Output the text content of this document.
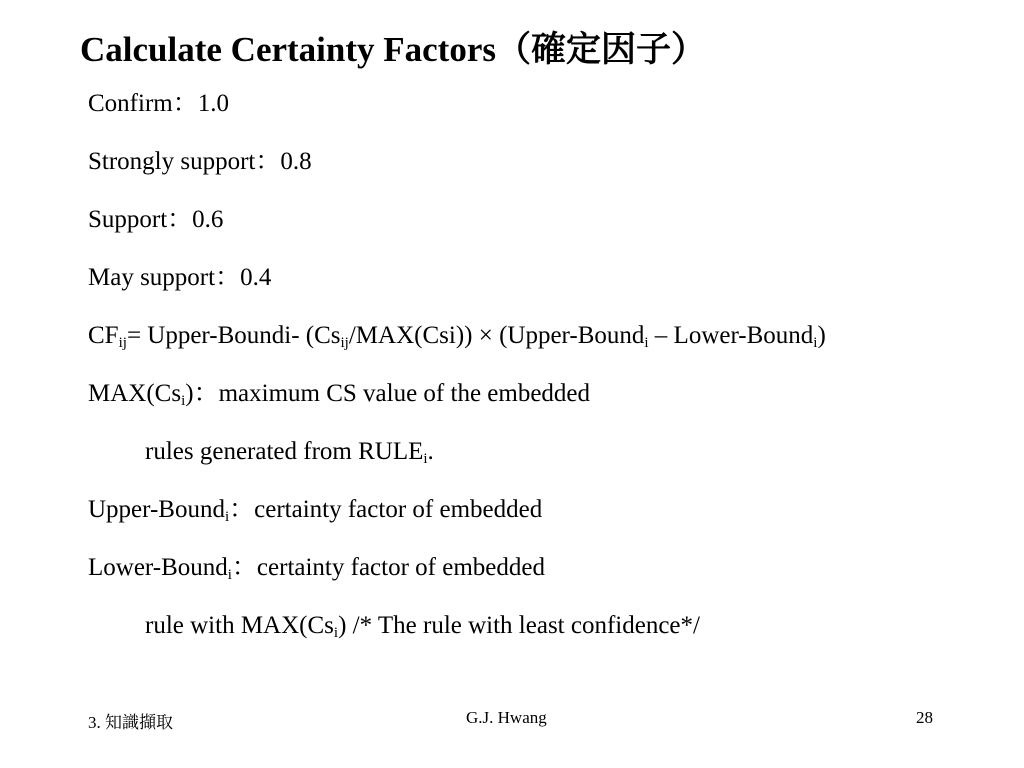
Calculate Certainty Factors（確定因子）
Confirm：1.0
Strongly support：0.8
Support：0.6
May support：0.4
$CF_{ij}=$ Upper-Boundi- $(Cs_{ij}/MAX(Csi))$ × (Upper-Bound$_i$ – Lower-Bound$_i$)
$MAX(Cs_i)$：maximum CS value of the embedded
rules generated from $RULE_i$.
Upper-Bound$_i$：certainty factor of embedded
Lower-Bound$_i$：certainty factor of embedded
rule with $MAX(Cs_i)$ /* The rule with least confidence*/
3. 知識擷取	G.J. Hwang	28
